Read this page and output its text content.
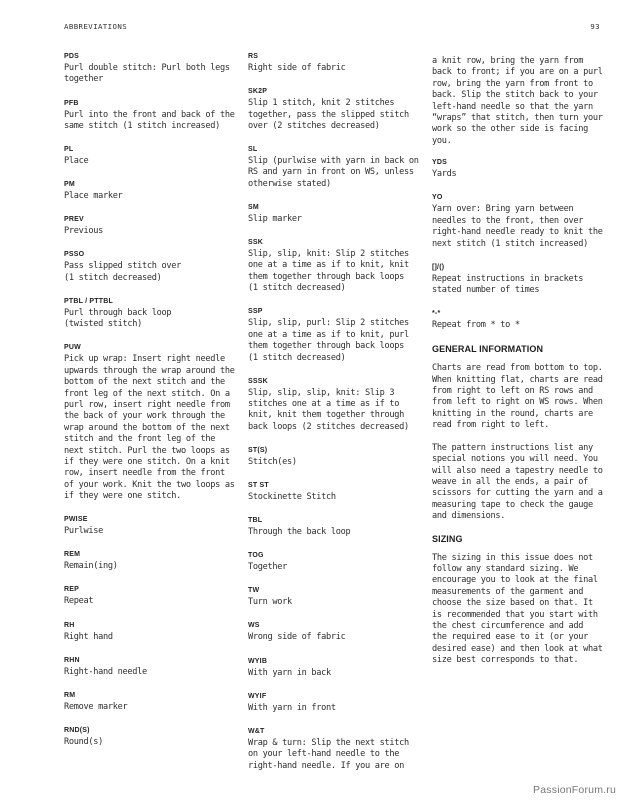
ABBREVIATIONS	93
PDS
Purl double stitch: Purl both legs
together
PFB
Purl into the front and back of the
same stitch (1 stitch increased)
PL
Place
PM
Place marker
PREV
Previous
PSSO
Pass slipped stitch over
(1 stitch decreased)
PTBL / PTTBL
Purl through back loop
(twisted stitch)
PUW
Pick up wrap: Insert right needle
upwards through the wrap around the
bottom of the next stitch and the
front leg of the next stitch. On a
purl row, insert right needle from
the back of your work through the
wrap around the bottom of the next
stitch and the front leg of the
next stitch. Purl the two loops as
if they were one stitch. On a knit
row, insert needle from the front
of your work. Knit the two loops as
if they were one stitch.
PWISE
Purlwise
REM
Remain(ing)
REP
Repeat
RH
Right hand
RHN
Right-hand needle
RM
Remove marker
RND(S)
Round(s)
RS
Right side of fabric
SK2P
Slip 1 stitch, knit 2 stitches
together, pass the slipped stitch
over (2 stitches decreased)
SL
Slip (purlwise with yarn in back on
RS and yarn in front on WS, unless
otherwise stated)
SM
Slip marker
SSK
Slip, slip, knit: Slip 2 stitches
one at a time as if to knit, knit
them together through back loops
(1 stitch decreased)
SSP
Slip, slip, purl: Slip 2 stitches
one at a time as if to knit, purl
them together through back loops
(1 stitch decreased)
SSSK
Slip, slip, slip, knit: Slip 3
stitches one at a time as if to
knit, knit them together through
back loops (2 stitches decreased)
ST(S)
Stitch(es)
ST ST
Stockinette Stitch
TBL
Through the back loop
TOG
Together
TW
Turn work
WS
Wrong side of fabric
WYIB
With yarn in back
WYIF
With yarn in front
W&T
Wrap & turn: Slip the next stitch
on your left-hand needle to the
right-hand needle. If you are on
a knit row, bring the yarn from
back to front; if you are on a purl
row, bring the yarn from front to
back. Slip the stitch back to your
left-hand needle so that the yarn
“wraps” that stitch, then turn your
work so the other side is facing
you.
YDS
Yards
YO
Yarn over: Bring yarn between
needles to the front, then over
right-hand needle ready to knit the
next stitch (1 stitch increased)
[]/()
Repeat instructions in brackets
stated number of times
*-*
Repeat from * to *
GENERAL INFORMATION
Charts are read from bottom to top.
When knitting flat, charts are read
from right to left on RS rows and
from left to right on WS rows. When
knitting in the round, charts are
read from right to left.
The pattern instructions list any
special notions you will need. You
will also need a tapestry needle to
weave in all the ends, a pair of
scissors for cutting the yarn and a
measuring tape to check the gauge
and dimensions.
SIZING
The sizing in this issue does not
follow any standard sizing. We
encourage you to look at the final
measurements of the garment and
choose the size based on that. It
is recommended that you start with
the chest circumference and add
the required ease to it (or your
desired ease) and then look at what
size best corresponds to that.
PassionForum.ru
